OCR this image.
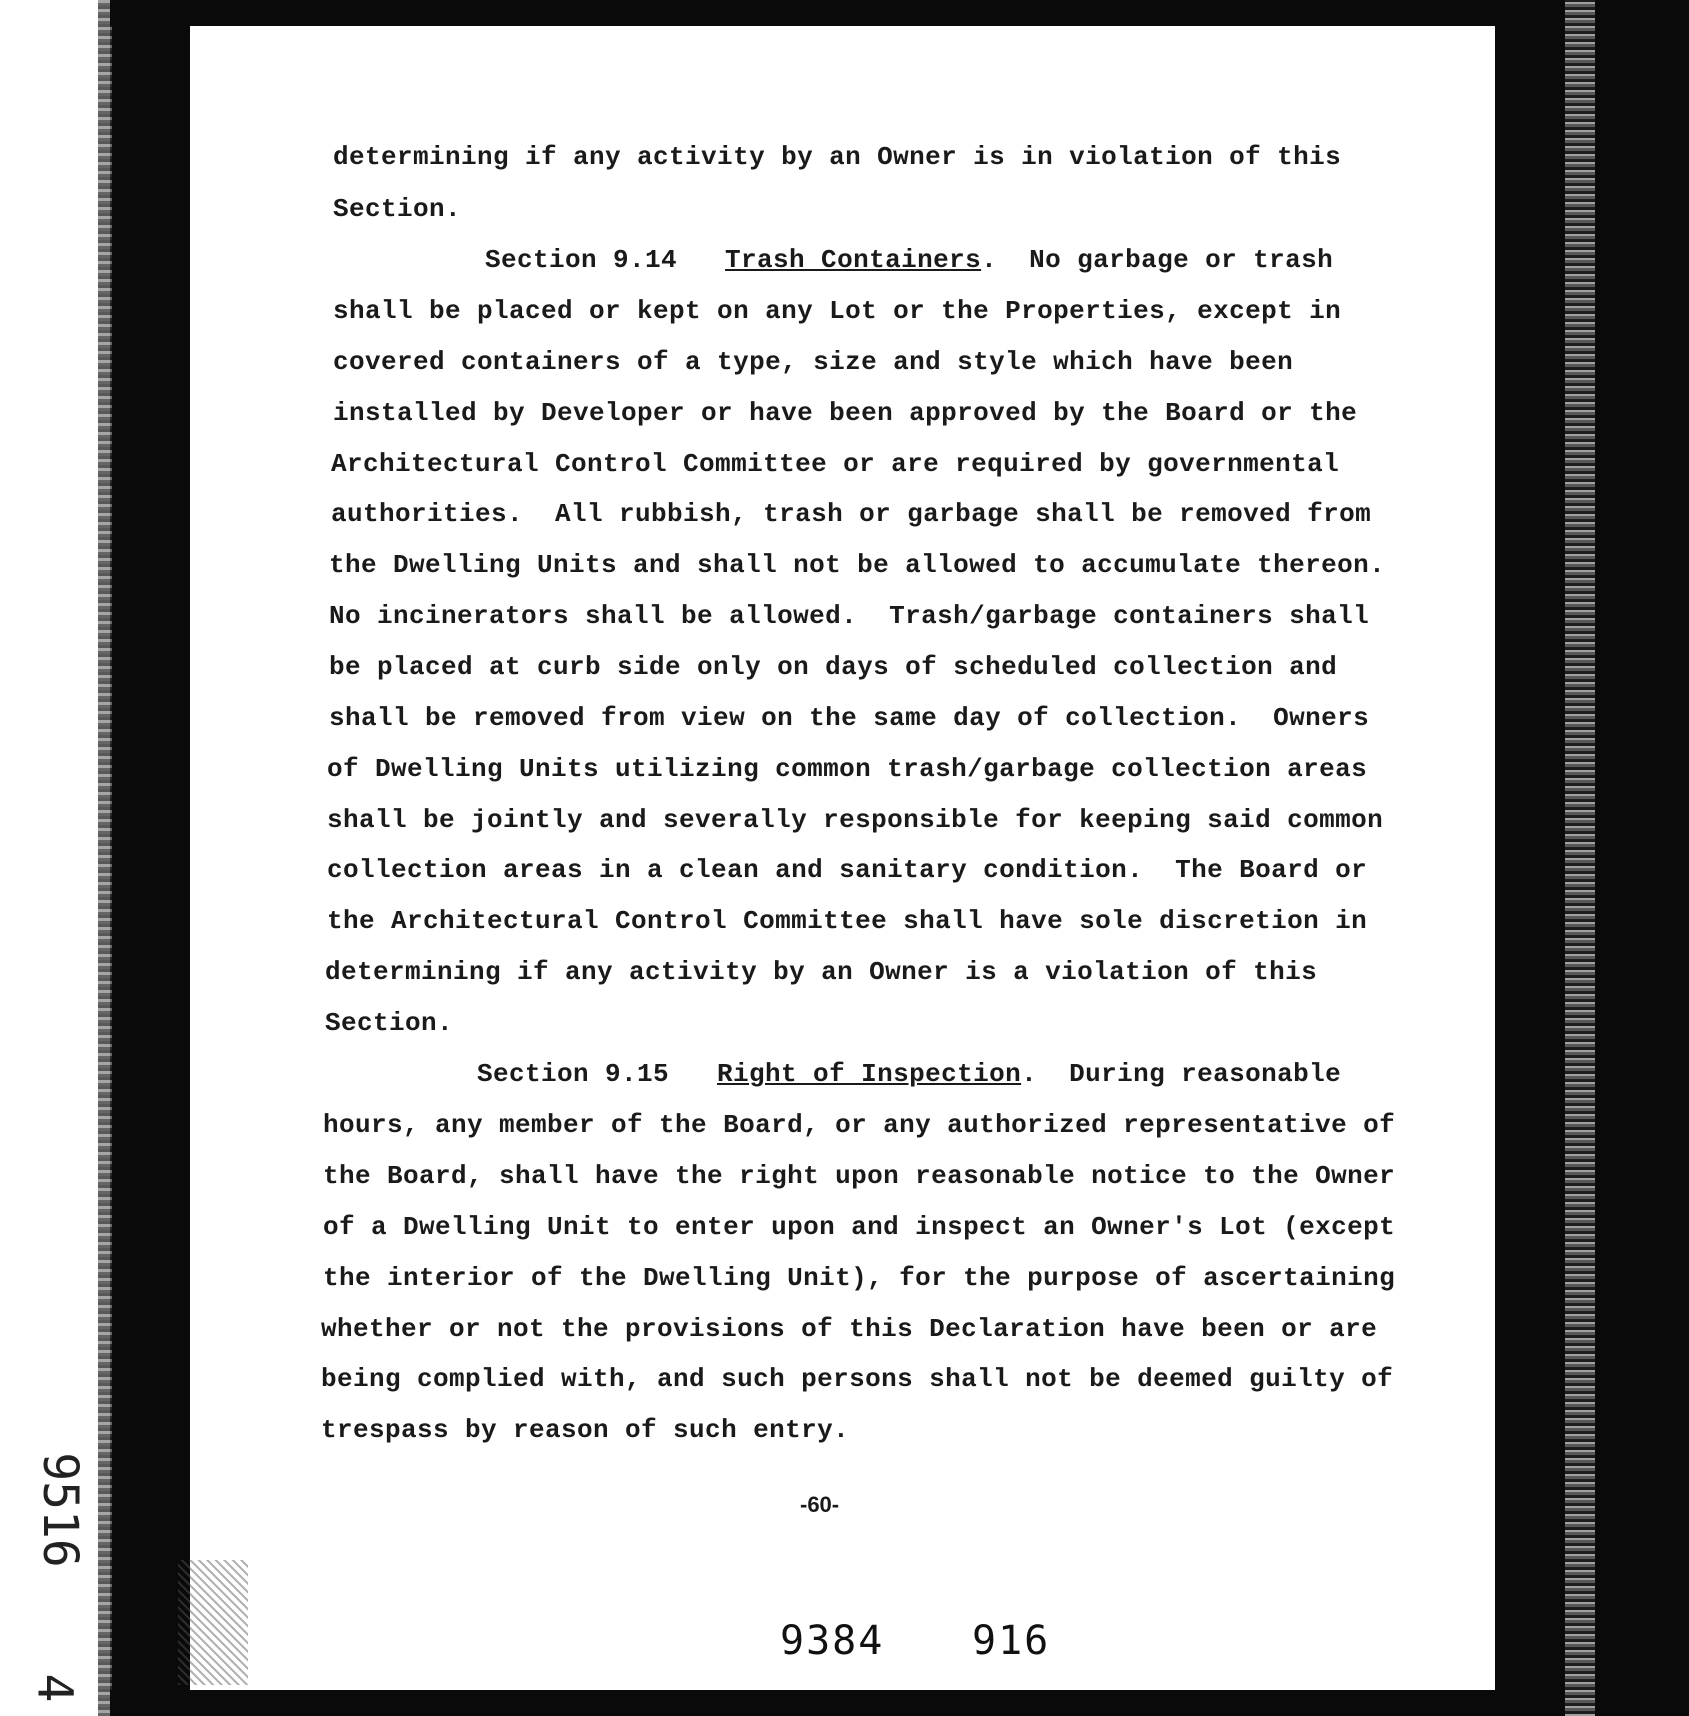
9516
4

determining if any activity by an Owner is in violation of this

Section.

Section 9.14 Trash Containers.  No garbage or trash

shall be placed or kept on any Lot or the Properties, except in

covered containers of a type, size and style which have been

installed by Developer or have been approved by the Board or the

Architectural Control Committee or are required by governmental

authorities.  All rubbish, trash or garbage shall be removed from

the Dwelling Units and shall not be allowed to accumulate thereon.

No incinerators shall be allowed.  Trash/garbage containers shall

be placed at curb side only on days of scheduled collection and

shall be removed from view on the same day of collection.  Owners

of Dwelling Units utilizing common trash/garbage collection areas

shall be jointly and severally responsible for keeping said common

collection areas in a clean and sanitary condition.  The Board or

the Architectural Control Committee shall have sole discretion in

determining if any activity by an Owner is a violation of this

Section.

Section 9.15 Right of Inspection.  During reasonable

hours, any member of the Board, or any authorized representative of

the Board, shall have the right upon reasonable notice to the Owner

of a Dwelling Unit to enter upon and inspect an Owner's Lot (except

the interior of the Dwelling Unit), for the purpose of ascertaining

whether or not the provisions of this Declaration have been or are

being complied with, and such persons shall not be deemed guilty of

trespass by reason of such entry.

-60-
9384 916
